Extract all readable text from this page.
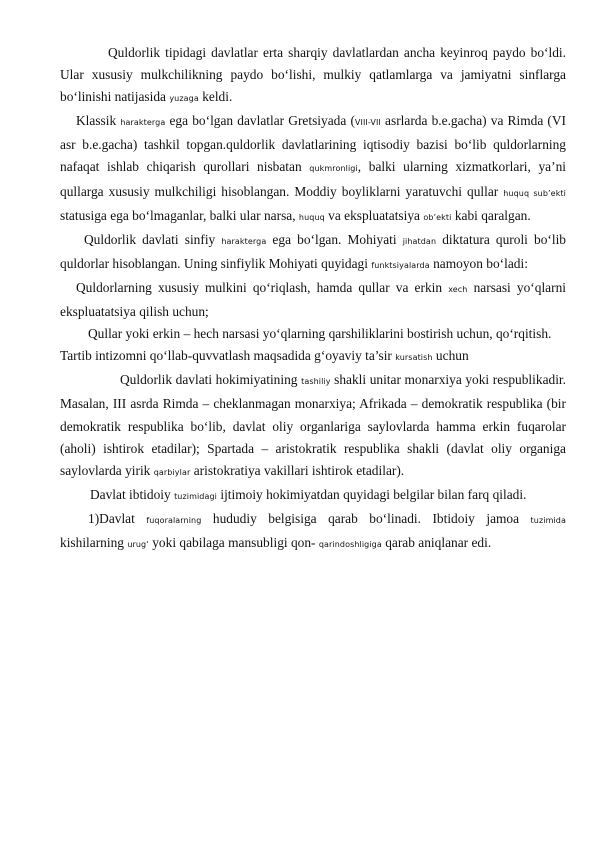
Quldorlik tipidagi davlatlar erta sharqiy davlatlardan ancha keyinroq paydo bo‘ldi. Ular xususiy mulkchilikning paydo bo‘lishi, mulkiy qatlamlarga va jamiyatni sinflarga bo‘linishi natijasida yuzaga keldi.

Klassik harakterga ega bo‘lgan davlatlar Gretsiyada (VIII-VII asrlarda b.e.gacha) va Rimda (VI asr b.e.gacha) tashkil topgan.quldorlik davlatlarining iqtisodiy bazisi bo‘lib quldorlarning nafaqat ishlab chiqarish qurollari nisbatan qukmronligi, balki ularning xizmatkorlari, ya’ni qullarga xususiy mulkchiligi hisoblangan. Moddiy boyliklarni yaratuvchi qullar huquq sub’ekti statusiga ega bo‘lmaganlar, balki ular narsa, huquq va ekspluatatsiya ob’ekti kabi qaralgan.

Quldorlik davlati sinfiy harakterga ega bo‘lgan. Mohiyati jihatdan diktatura quroli bo‘lib quldorlar hisoblangan. Uning sinfiylik Mohiyati quyidagi funktsiyalarda namoyon bo‘ladi:

Quldorlarning xususiy mulkini qo‘riqlash, hamda qullar va erkin xech narsasi yo‘qlarni ekspluatatsiya qilish uchun;

Qullar yoki erkin – hech narsasi yo‘qlarning qarshiliklarini bostirish uchun, qo‘rqitish.

Tartib intizomni qo‘llab-quvvatlash maqsadida g‘oyaviy ta’sir kursatish uchun

Quldorlik davlati hokimiyatining tashiliy shakli unitar monarxiya yoki respublikadir. Masalan, III asrda Rimda – cheklanmagan monarxiya; Afrikada – demokratik respublika (bir demokratik respublika bo‘lib, davlat oliy organlariga saylovlarda hamma erkin fuqarolar (aholi) ishtirok etadilar); Spartada – aristokratik respublika shakli (davlat oliy organiga saylovlarda yirik qarbiylar aristokratiya vakillari ishtirok etadilar).

Davlat ibtidoiy tuzimidagi ijtimoiy hokimiyatdan quyidagi belgilar bilan farq qiladi.

1)Davlat fuqoralarning hududiy belgisiga qarab bo‘linadi. Ibtidoiy jamoa tuzimida kishilarning urug‘ yoki qabilaga mansubligi qon- qarindoshligiga qarab aniqlanar edi.
